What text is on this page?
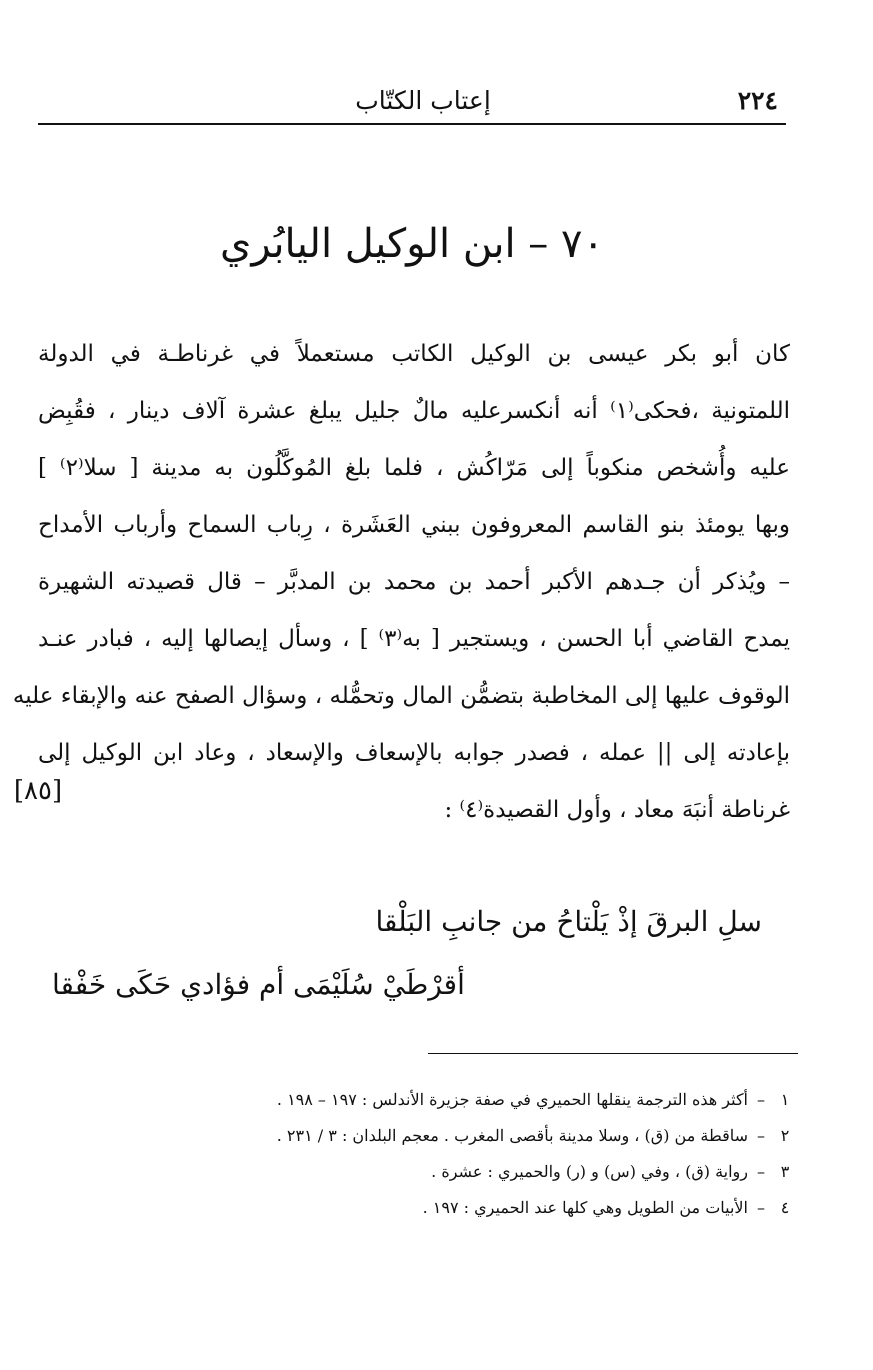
٢٢٤
إعتاب الكتّاب
٧٠ – ابن الوكيل اليابُري
كان أبو بكر عيسى بن الوكيل الكاتب مستعملاً في غرناطـة في الدولة
اللمتونية ،فحكى⁽١⁾ أنه أنكسرعليه مالٌ جليل يبلغ عشرة آلاف دينار ، فقُبِض
عليه وأُشخص منكوباً إلى مَرّاكُش ، فلما بلغ المُوكَّلُون به مدينة [ سلا⁽٢⁾ ]
وبها يومئذ بنو القاسم المعروفون ببني العَشَرة ، رِباب السماح وأرباب الأمداح
– ويُذكر أن جـدهم الأكبر أحمد بن محمد بن المدبَّر – قال قصيدته الشهيرة
يمدح القاضي أبا الحسن ، ويستجير [ به⁽٣⁾ ] ، وسأل إيصالها إليه ، فبادر عنـد
الوقوف عليها إلى المخاطبة بتضمُّن المال وتحمُّله ، وسؤال الصفح عنه والإبقاء عليه
بإعادته إلى || عمله ، فصدر جوابه بالإسعاف والإسعاد ، وعاد ابن الوكيل إلى
غرناطة أنبَهَ معاد ، وأول القصيدة⁽٤⁾ :
[٨٥]
سلِ البرقَ إذْ يَلْتاحُ من جانبِ البَلْقا
أقرْطَيْ سُلَيْمَى أم فؤادي حَكَى خَفْقا
١–أكثر هذه الترجمة ينقلها الحميري في صفة جزيرة الأندلس : ١٩٧ – ١٩٨ .
٢–ساقطة من (ق) ، وسلا مدينة بأقصى المغرب . معجم البلدان : ٣ / ٢٣١ .
٣–رواية (ق) ، وفي (س) و (ر) والحميري : عشرة .
٤–الأبيات من الطويل وهي كلها عند الحميري : ١٩٧ .
